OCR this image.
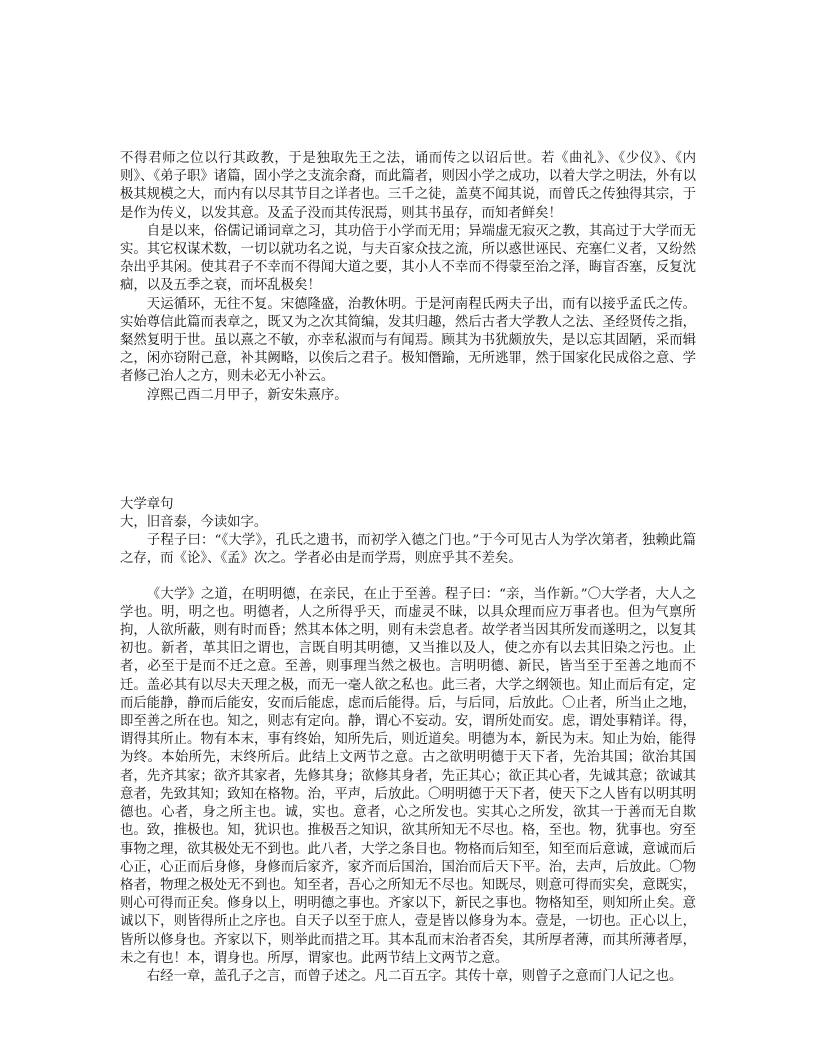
不得君师之位以行其政教，于是独取先王之法，诵而传之以诏后世。若《曲礼》、《少仪》、《内则》、《弟子职》诸篇，固小学之支流余裔，而此篇者，则因小学之成功，以着大学之明法，外有以极其规模之大，而内有以尽其节目之详者也。三千之徒，盖莫不闻其说，而曾氏之传独得其宗，于是作为传义，以发其意。及孟子没而其传泯焉，则其书虽存，而知者鲜矣！

自是以来，俗儒记诵词章之习，其功倍于小学而无用；异端虚无寂灭之教，其高过于大学而无实。其它权谋术数，一切以就功名之说，与夫百家众技之流，所以惑世诬民、充塞仁义者，又纷然杂出乎其闲。使其君子不幸而不得闻大道之要，其小人不幸而不得蒙至治之泽，晦盲否塞，反复沈痼，以及五季之衰，而坏乱极矣！

天运循环，无往不复。宋德隆盛，治教休明。于是河南程氏两夫子出，而有以接乎孟氏之传。实始尊信此篇而表章之，既又为之次其简编，发其归趣，然后古者大学教人之法、圣经贤传之指，粲然复明于世。虽以熹之不敏，亦幸私淑而与有闻焉。顾其为书犹颇放失，是以忘其固陋，采而辑之，闲亦窃附己意，补其阙略，以俟后之君子。极知僭踰，无所逃罪，然于国家化民成俗之意、学者修己治人之方，则未必无小补云。

淳熙己酉二月甲子，新安朱熹序。

大学章句

大，旧音泰，今读如字。

子程子曰：“《大学》，孔氏之遗书，而初学入德之门也。”于今可见古人为学次第者，独赖此篇之存，而《论》、《孟》次之。学者必由是而学焉，则庶乎其不差矣。

《大学》之道，在明明德，在亲民，在止于至善。程子曰：“亲，当作新。”〇大学者，大人之学也。明，明之也。明德者，人之所得乎天，而虚灵不昧，以具众理而应万事者也。但为气禀所拘，人欲所蔽，则有时而昏；然其本体之明，则有未尝息者。故学者当因其所发而遂明之，以复其初也。新者，革其旧之谓也，言既自明其明德，又当推以及人，使之亦有以去其旧染之污也。止者，必至于是而不迁之意。至善，则事理当然之极也。言明明德、新民，皆当至于至善之地而不迁。盖必其有以尽夫天理之极，而无一毫人欲之私也。此三者，大学之纲领也。知止而后有定，定而后能静，静而后能安，安而后能虑，虑而后能得。后，与后同，后放此。〇止者，所当止之地，即至善之所在也。知之，则志有定向。静，谓心不妄动。安，谓所处而安。虑，谓处事精详。得，谓得其所止。物有本末，事有终始，知所先后，则近道矣。明德为本，新民为末。知止为始，能得为终。本始所先，末终所后。此结上文两节之意。古之欲明明德于天下者，先治其国；欲治其国者，先齐其家；欲齐其家者，先修其身；欲修其身者，先正其心；欲正其心者，先诚其意；欲诚其意者，先致其知；致知在格物。治，平声，后放此。〇明明德于天下者，使天下之人皆有以明其明德也。心者，身之所主也。诚，实也。意者，心之所发也。实其心之所发，欲其一于善而无自欺也。致，推极也。知，犹识也。推极吾之知识，欲其所知无不尽也。格，至也。物，犹事也。穷至事物之理，欲其极处无不到也。此八者，大学之条目也。物格而后知至，知至而后意诚，意诚而后心正，心正而后身修，身修而后家齐，家齐而后国治，国治而后天下平。治，去声，后放此。〇物格者，物理之极处无不到也。知至者，吾心之所知无不尽也。知既尽，则意可得而实矣，意既实，则心可得而正矣。修身以上，明明德之事也。齐家以下，新民之事也。物格知至，则知所止矣。意诚以下，则皆得所止之序也。自天子以至于庶人，壹是皆以修身为本。壹是，一切也。正心以上，皆所以修身也。齐家以下，则举此而措之耳。其本乱而末治者否矣，其所厚者薄，而其所薄者厚，未之有也！本，谓身也。所厚，谓家也。此两节结上文两节之意。

右经一章，盖孔子之言，而曾子述之。凡二百五字。其传十章，则曾子之意而门人记之也。
